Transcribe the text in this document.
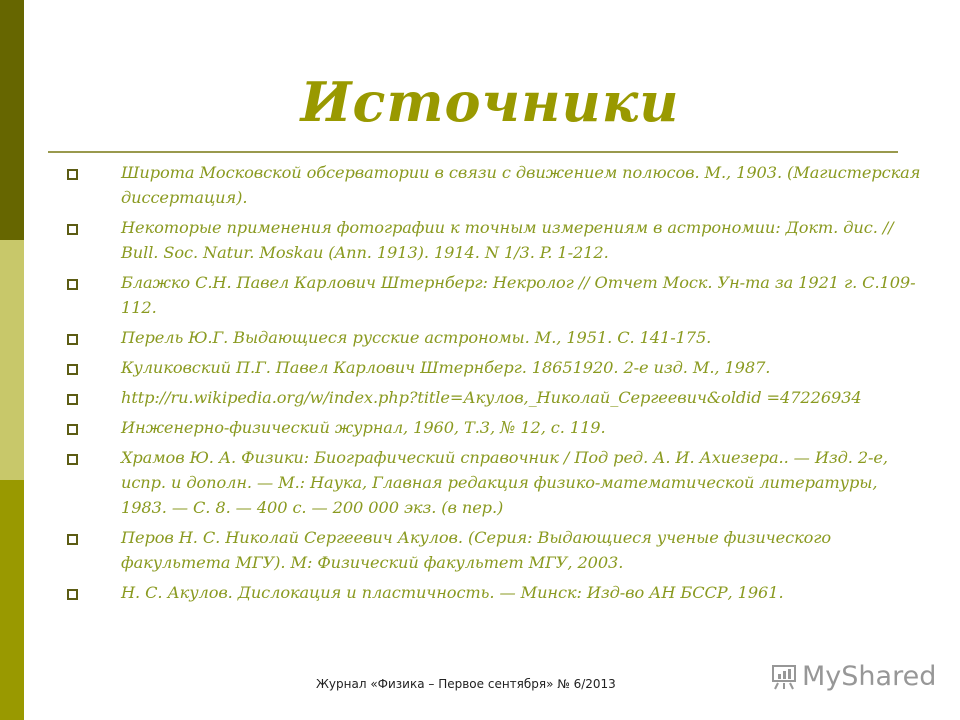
Источники
Широта Московской обсерватории в связи с движением полюсов. М., 1903. (Магистерская диссертация).
Некоторые применения фотографии к точным измерениям в астрономии: Докт. дис. // Bull. Soc. Natur. Moskau (Ann. 1913). 1914. N 1/3. P. 1-212.
Блажко С.Н. Павел Карлович Штернберг: Некролог // Отчет Моск. Ун-та за 1921 г. С.109-112.
Перель Ю.Г. Выдающиеся русские астрономы. М., 1951. С. 141-175.
Куликовский П.Г. Павел Карлович Штернберг. 18651920. 2-е изд. М., 1987.
http://ru.wikipedia.org/w/index.php?title=Акулов,_Николай_Сергеевич&oldid =47226934
Инженерно-физический журнал, 1960, Т.3, № 12, с. 119.
Храмов Ю. А. Физики: Биографический справочник / Под ред. А. И. Ахиезера.. — Изд. 2-е, испр. и дополн. — М.: Наука, Главная редакция физико-математической литературы, 1983. — С. 8. — 400 с. — 200 000 экз. (в пер.)
Перов Н. С. Николай Сергеевич Акулов. (Серия: Выдающиеся ученые физического факультета МГУ). М: Физический факультет МГУ, 2003.
Н. С. Акулов. Дислокация и пластичность. — Минск: Изд-во АН БССР, 1961.
Журнал «Физика – Первое сентября» № 6/2013	MyShared
